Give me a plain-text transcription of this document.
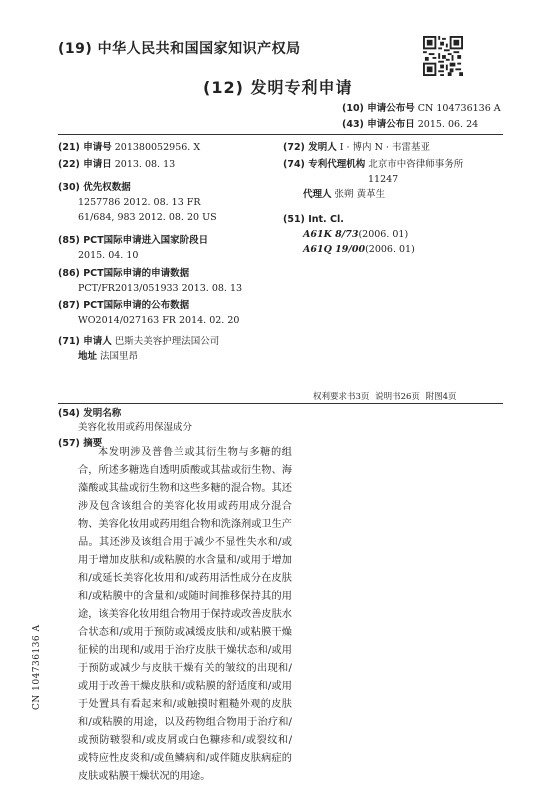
(19) 中华人民共和国国家知识产权局
(12) 发明专利申请
(10) 申请公布号 CN 104736136 A
(43) 申请公布日 2015. 06. 24
(21) 申请号 201380052956. X
(22) 申请日 2013. 08. 13
(30) 优先权数据
1257786 2012. 08. 13 FR
61/684, 983 2012. 08. 20 US
(85) PCT国际申请进入国家阶段日
2015. 04. 10
(86) PCT国际申请的申请数据
PCT/FR2013/051933 2013. 08. 13
(87) PCT国际申请的公布数据
WO2014/027163 FR 2014. 02. 20
(71) 申请人 巴斯夫美容护理法国公司
地址 法国里昂
(72) 发明人 I · 博内 N · 韦雷基亚
(74) 专利代理机构 北京市中咨律师事务所
11247
代理人 张朔 黄革生
(51) Int. Cl.
A61K 8/73(2006. 01)
A61Q 19/00(2006. 01)
权利要求书3页 说明书26页 附图4页
(54) 发明名称
美容化妆用或药用保湿成分
(57) 摘要

本发明涉及普鲁兰或其衍生物与多糖的组合，所述多糖选自透明质酸或其盐或衍生物、海藻酸或其盐或衍生物和这些多糖的混合物。其还涉及包含该组合的美容化妆用或药用成分混合物、美容化妆用或药用组合物和洗涤剂或卫生产品。其还涉及该组合用于减少不显性失水和/或用于增加皮肤和/或粘膜的水含量和/或用于增加和/或延长美容化妆用和/或药用活性成分在皮肤和/或粘膜中的含量和/或随时间推移保持其的用途，该美容化妆用组合物用于保持或改善皮肤水合状态和/或用于预防或减缓皮肤和/或粘膜干燥征候的出现和/或用于治疗皮肤干燥状态和/或用于预防或减少与皮肤干燥有关的皱纹的出现和/或用于改善干燥皮肤和/或粘膜的舒适度和/或用于处置具有看起来和/或触摸时粗糙外观的皮肤和/或粘膜的用途，以及药物组合物用于治疗和/或预防皲裂和/或皮屑或白色糠疹和/或裂纹和/或特应性皮炎和/或鱼鳞病和/或伴随皮肤病症的皮肤或粘膜干燥状况的用途。

CN 104736136 A
